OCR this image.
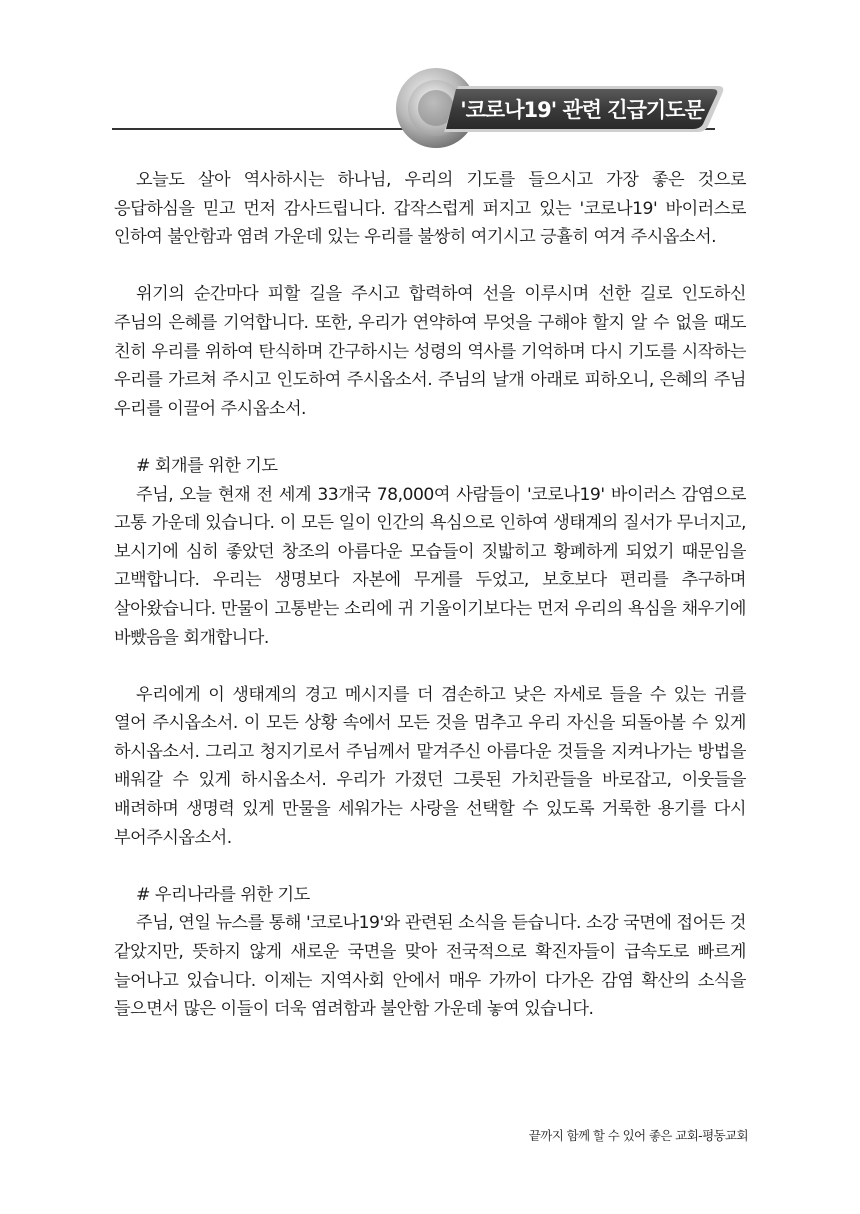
'코로나19' 관련 긴급기도문

오늘도 살아 역사하시는 하나님, 우리의 기도를 들으시고 가장 좋은 것으로 응답하심을 믿고 먼저 감사드립니다. 갑작스럽게 퍼지고 있는 '코로나19' 바이러스로 인하여 불안함과 염려 가운데 있는 우리를 불쌍히 여기시고 긍휼히 여겨 주시옵소서.

위기의 순간마다 피할 길을 주시고 합력하여 선을 이루시며 선한 길로 인도하신 주님의 은혜를 기억합니다. 또한, 우리가 연약하여 무엇을 구해야 할지 알 수 없을 때도 친히 우리를 위하여 탄식하며 간구하시는 성령의 역사를 기억하며 다시 기도를 시작하는 우리를 가르쳐 주시고 인도하여 주시옵소서. 주님의 날개 아래로 피하오니, 은혜의 주님 우리를 이끌어 주시옵소서.

# 회개를 위한 기도

주님, 오늘 현재 전 세계 33개국 78,000여 사람들이 '코로나19' 바이러스 감염으로 고통 가운데 있습니다. 이 모든 일이 인간의 욕심으로 인하여 생태계의 질서가 무너지고, 보시기에 심히 좋았던 창조의 아름다운 모습들이 짓밟히고 황폐하게 되었기 때문임을 고백합니다. 우리는 생명보다 자본에 무게를 두었고, 보호보다 편리를 추구하며 살아왔습니다. 만물이 고통받는 소리에 귀 기울이기보다는 먼저 우리의 욕심을 채우기에 바빴음을 회개합니다.

우리에게 이 생태계의 경고 메시지를 더 겸손하고 낮은 자세로 들을 수 있는 귀를 열어 주시옵소서. 이 모든 상황 속에서 모든 것을 멈추고 우리 자신을 되돌아볼 수 있게 하시옵소서. 그리고 청지기로서 주님께서 맡겨주신 아름다운 것들을 지켜나가는 방법을 배워갈 수 있게 하시옵소서. 우리가 가졌던 그릇된 가치관들을 바로잡고, 이웃들을 배려하며 생명력 있게 만물을 세워가는 사랑을 선택할 수 있도록 거룩한 용기를 다시 부어주시옵소서.

# 우리나라를 위한 기도

주님, 연일 뉴스를 통해 '코로나19'와 관련된 소식을 듣습니다. 소강 국면에 접어든 것 같았지만, 뜻하지 않게 새로운 국면을 맞아 전국적으로 확진자들이 급속도로 빠르게 늘어나고 있습니다. 이제는 지역사회 안에서 매우 가까이 다가온 감염 확산의 소식을 들으면서 많은 이들이 더욱 염려함과 불안함 가운데 놓여 있습니다.

끝까지 함께 할 수 있어 좋은 교회-평동교회
